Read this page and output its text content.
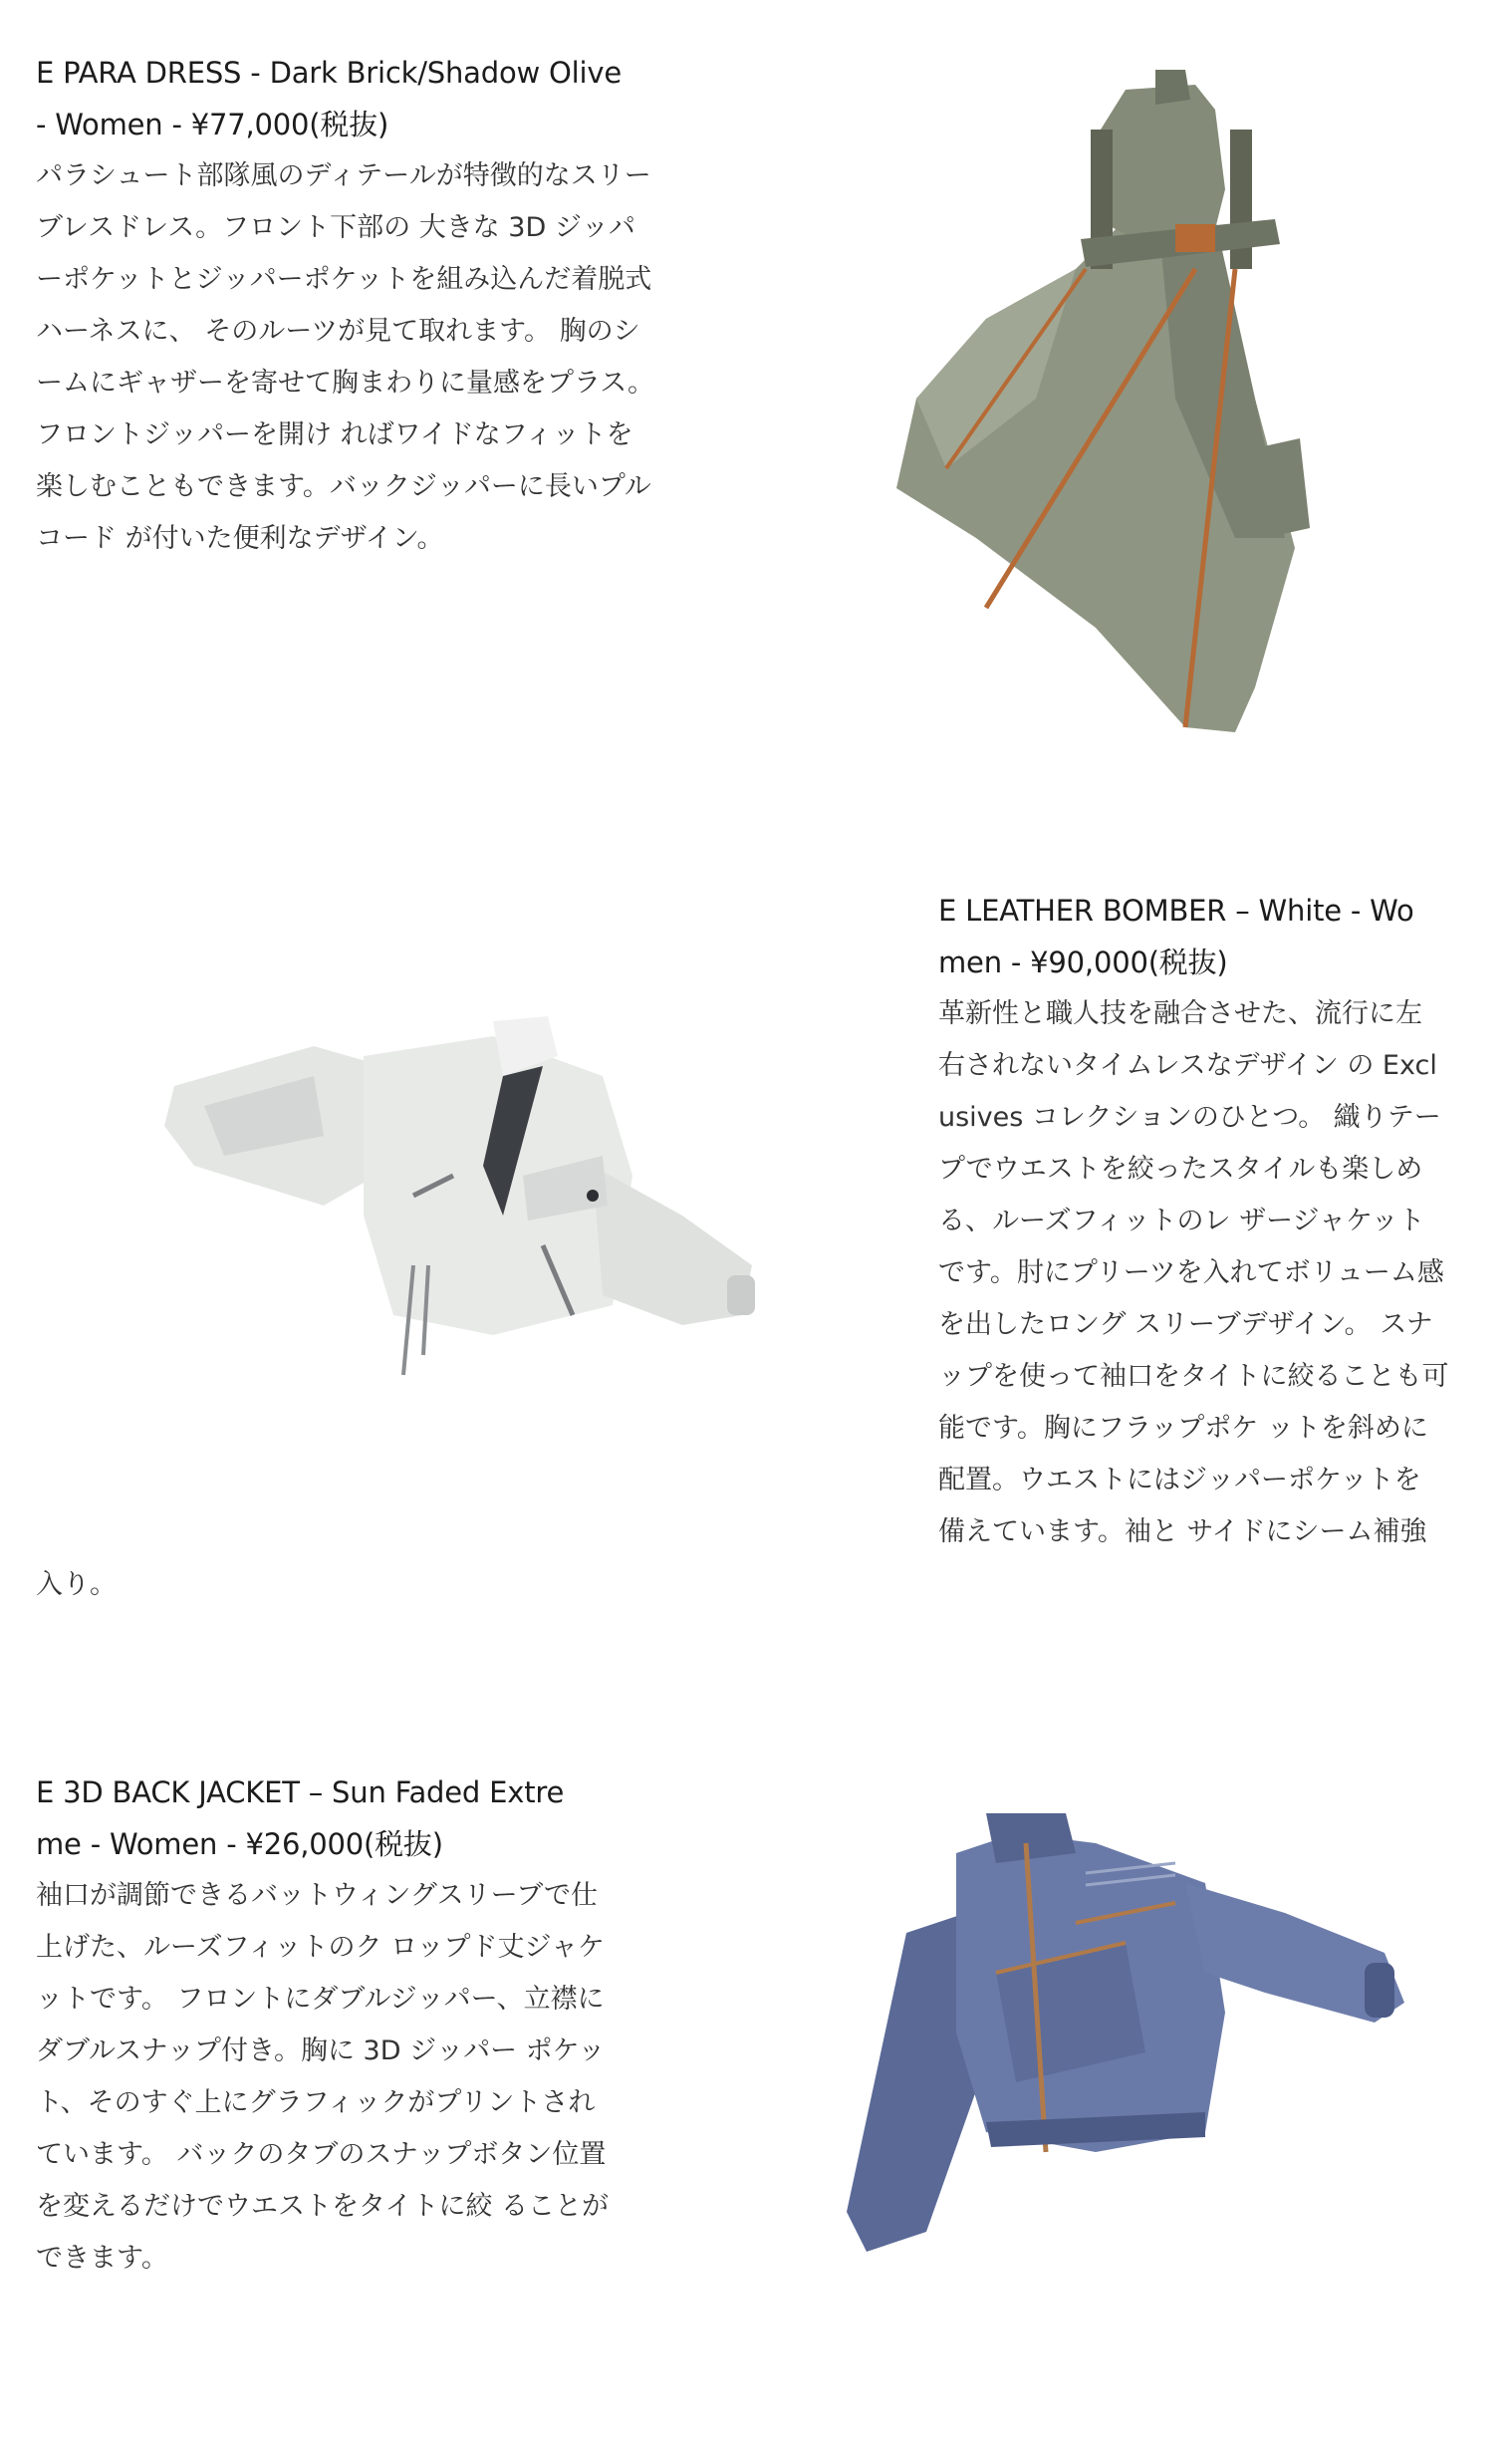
E PARA DRESS - Dark Brick/Shadow Olive
- Women - ¥77,000(税抜)
パラシュート部隊風のディテールが特徴的なスリー
ブレスドレス。フロント下部の 大きな 3D ジッパ
ーポケットとジッパーポケットを組み込んだ着脱式
ハーネスに、 そのルーツが見て取れます。 胸のシ
ームにギャザーを寄せて胸まわりに量感をプラス。
フロントジッパーを開け ればワイドなフィットを
楽しむこともできます。バックジッパーに長いプル
コード が付いた便利なデザイン。
E LEATHER BOMBER – White - Wo
men - ¥90,000(税抜)
革新性と職人技を融合させた、流行に左
右されないタイムレスなデザイン の Excl
usives コレクションのひとつ。 織りテー
プでウエストを絞ったスタイルも楽しめ
る、ルーズフィットのレ ザージャケット
です。肘にプリーツを入れてボリューム感
を出したロング スリーブデザイン。 スナ
ップを使って袖口をタイトに絞ることも可
能です。胸にフラップポケ ットを斜めに
配置。ウエストにはジッパーポケットを
備えています。袖と サイドにシーム補強
入り。
E 3D BACK JACKET – Sun Faded Extre
me - Women - ¥26,000(税抜)
袖口が調節できるバットウィングスリーブで仕
上げた、ルーズフィットのク ロップド丈ジャケ
ットです。 フロントにダブルジッパー、立襟に
ダブルスナップ付き。胸に 3D ジッパー ポケッ
ト、そのすぐ上にグラフィックがプリントされ
ています。 バックのタブのスナップボタン位置
を変えるだけでウエストをタイトに絞 ることが
できます。
